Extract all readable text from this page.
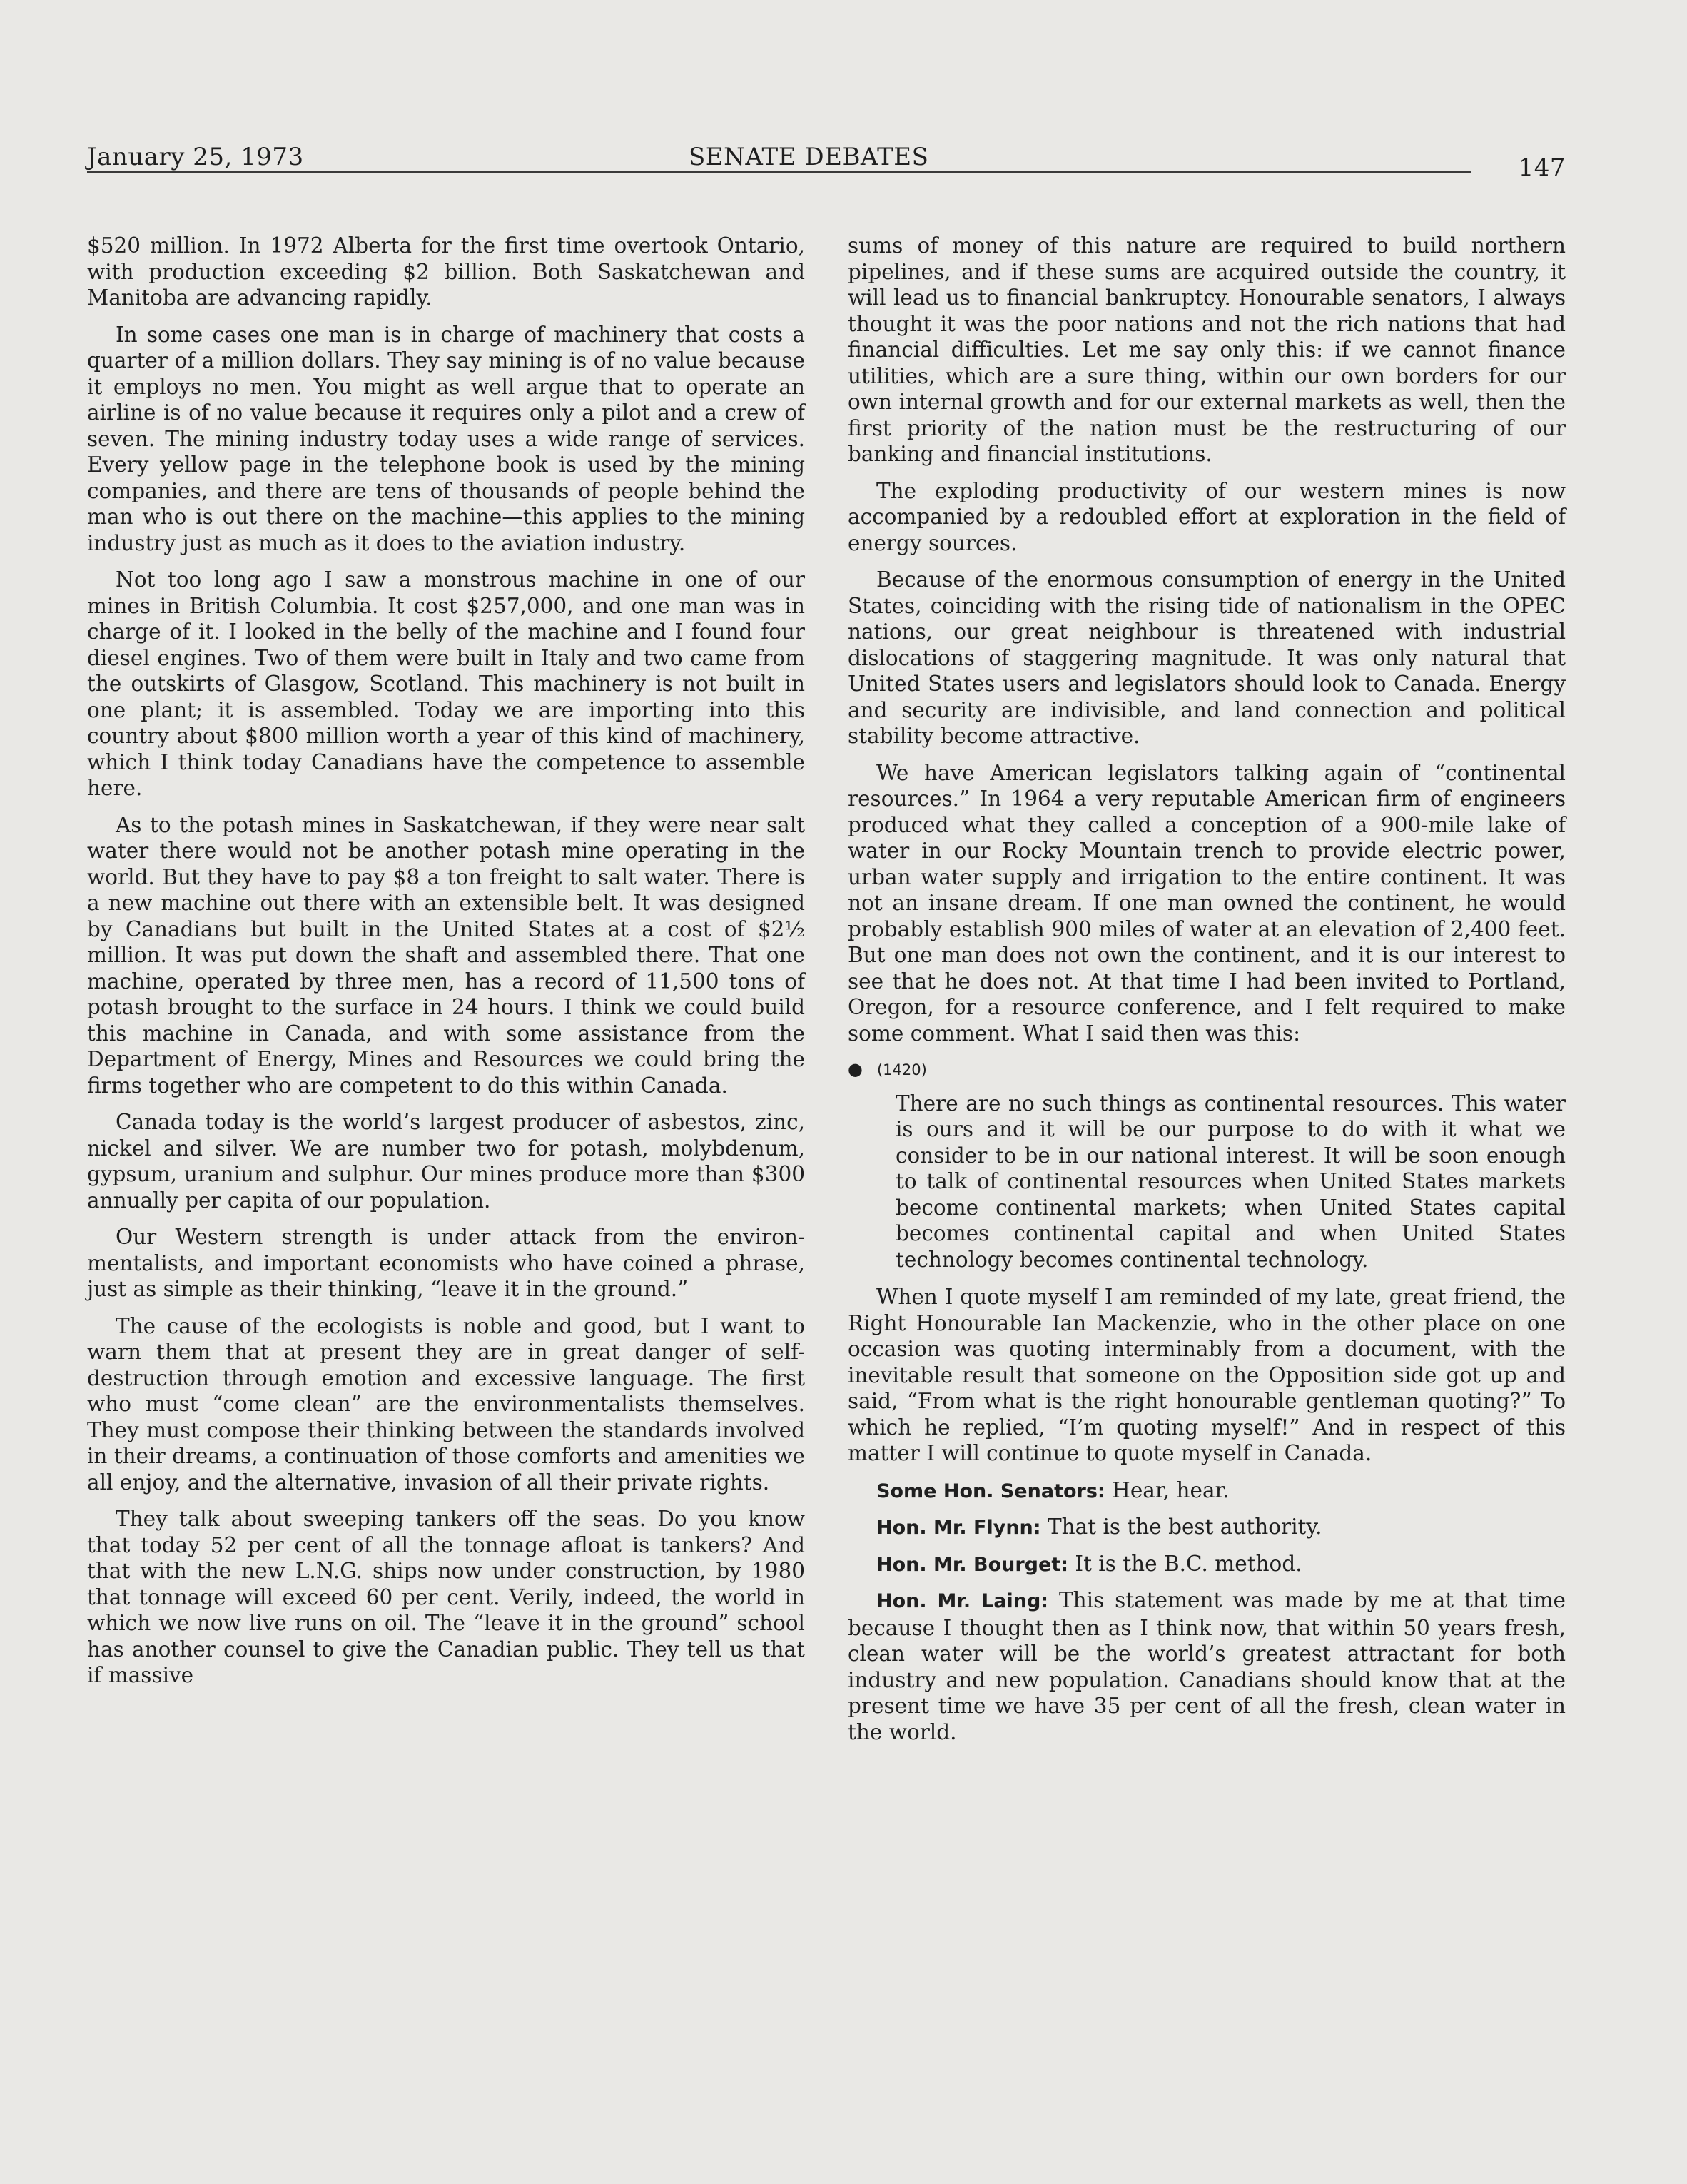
January 25, 1973	SENATE DEBATES	147

$520 million. In 1972 Alberta for the first time overtook Ontario, with production exceeding $2 billion. Both Saskatchewan and Manitoba are advancing rapidly.

In some cases one man is in charge of machinery that costs a quarter of a million dollars. They say mining is of no value because it employs no men. You might as well argue that to operate an airline is of no value because it requires only a pilot and a crew of seven. The mining industry today uses a wide range of services. Every yellow page in the telephone book is used by the mining companies, and there are tens of thousands of people behind the man who is out there on the machine—this applies to the mining industry just as much as it does to the aviation industry.

Not too long ago I saw a monstrous machine in one of our mines in British Columbia. It cost $257,000, and one man was in charge of it. I looked in the belly of the machine and I found four diesel engines. Two of them were built in Italy and two came from the outskirts of Glasgow, Scotland. This machinery is not built in one plant; it is assembled. Today we are importing into this country about $800 million worth a year of this kind of machinery, which I think today Canadians have the competence to assemble here.

As to the potash mines in Saskatchewan, if they were near salt water there would not be another potash mine operating in the world. But they have to pay $8 a ton freight to salt water. There is a new machine out there with an extensible belt. It was designed by Canadians but built in the United States at a cost of $2½ million. It was put down the shaft and assembled there. That one machine, operated by three men, has a record of 11,500 tons of potash brought to the surface in 24 hours. I think we could build this machine in Canada, and with some assistance from the Department of Energy, Mines and Resources we could bring the firms together who are competent to do this within Canada.

Canada today is the world’s largest producer of asbestos, zinc, nickel and silver. We are number two for potash, molybdenum, gypsum, uranium and sulphur. Our mines produce more than $300 annually per capita of our population.

Our Western strength is under attack from the environmentalists, and important economists who have coined a phrase, just as simple as their thinking, “leave it in the ground.”

The cause of the ecologists is noble and good, but I want to warn them that at present they are in great danger of self-destruction through emotion and excessive language. The first who must “come clean” are the environmentalists themselves. They must compose their thinking between the standards involved in their dreams, a continuation of those comforts and amenities we all enjoy, and the alternative, invasion of all their private rights.

They talk about sweeping tankers off the seas. Do you know that today 52 per cent of all the tonnage afloat is tankers? And that with the new L.N.G. ships now under construction, by 1980 that tonnage will exceed 60 per cent. Verily, indeed, the world in which we now live runs on oil. The “leave it in the ground” school has another counsel to give the Canadian public. They tell us that if massive

sums of money of this nature are required to build northern pipelines, and if these sums are acquired outside the country, it will lead us to financial bankruptcy. Honourable senators, I always thought it was the poor nations and not the rich nations that had financial difficulties. Let me say only this: if we cannot finance utilities, which are a sure thing, within our own borders for our own internal growth and for our external markets as well, then the first priority of the nation must be the restructuring of our banking and financial institutions.

The exploding productivity of our western mines is now accompanied by a redoubled effort at exploration in the field of energy sources.

Because of the enormous consumption of energy in the United States, coinciding with the rising tide of nationalism in the OPEC nations, our great neighbour is threatened with industrial dislocations of staggering magnitude. It was only natural that United States users and legislators should look to Canada. Energy and security are indivisible, and land connection and political stability become attractive.

We have American legislators talking again of “continental resources.” In 1964 a very reputable American firm of engineers produced what they called a conception of a 900-mile lake of water in our Rocky Mountain trench to provide electric power, urban water supply and irrigation to the entire continent. It was not an insane dream. If one man owned the continent, he would probably establish 900 miles of water at an elevation of 2,400 feet. But one man does not own the continent, and it is our interest to see that he does not. At that time I had been invited to Portland, Oregon, for a resource conference, and I felt required to make some comment. What I said then was this:

● (1420)

There are no such things as continental resources. This water is ours and it will be our purpose to do with it what we consider to be in our national interest. It will be soon enough to talk of continental resources when United States markets become continental markets; when United States capital becomes continental capital and when United States technology becomes continental technology.

When I quote myself I am reminded of my late, great friend, the Right Honourable Ian Mackenzie, who in the other place on one occasion was quoting interminably from a document, with the inevitable result that someone on the Opposition side got up and said, “From what is the right honourable gentleman quoting?” To which he replied, “I’m quoting myself!” And in respect of this matter I will continue to quote myself in Canada.

Some Hon. Senators: Hear, hear.

Hon. Mr. Flynn: That is the best authority.

Hon. Mr. Bourget: It is the B.C. method.

Hon. Mr. Laing: This statement was made by me at that time because I thought then as I think now, that within 50 years fresh, clean water will be the world’s greatest attractant for both industry and new population. Canadians should know that at the present time we have 35 per cent of all the fresh, clean water in the world.
